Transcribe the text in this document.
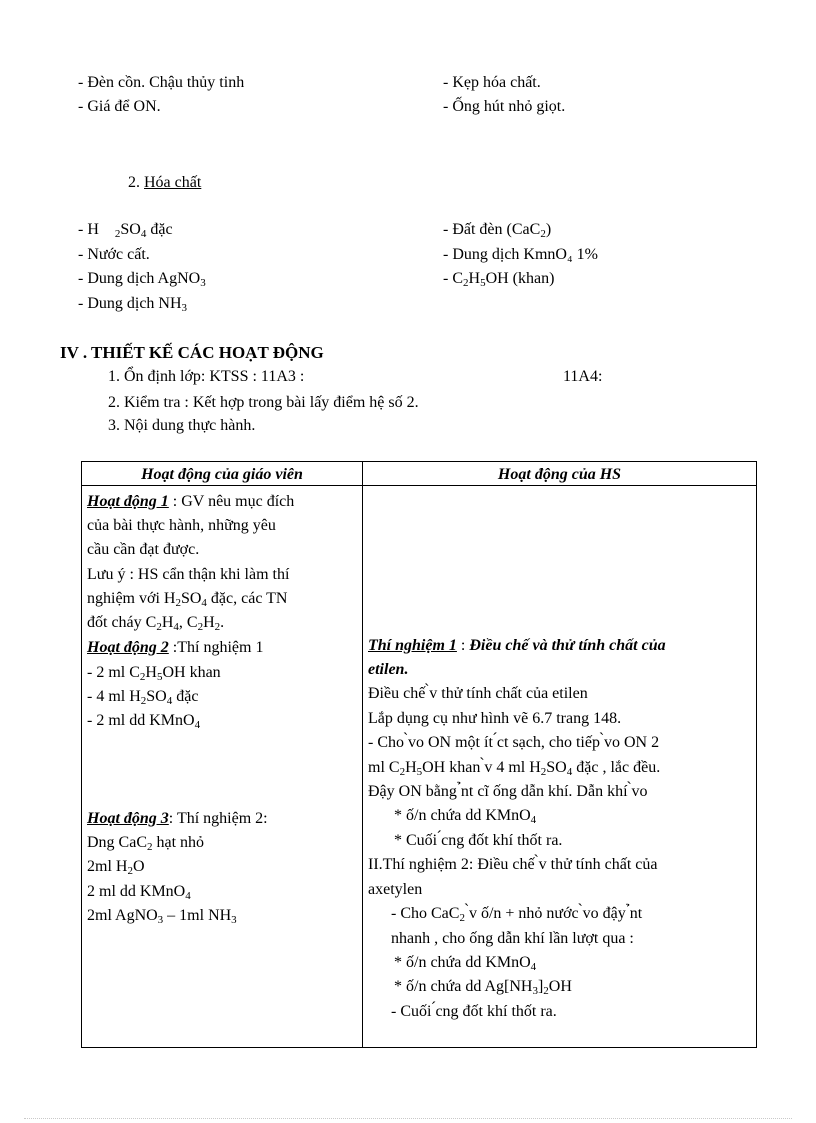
- Đèn cồn. Chậu thủy tinh
- Giá để ON.
- Kẹp hóa chất.
- Ống hút nhỏ giọt.
2. Hóa chất
- H $_2SO_4$ đặc
- Nước cất.
- Dung dịch AgNO$_3$
- Dung dịch $NH_3$
- Đất đèn (CaC$_2$)
- Dung dịch KmnO₄ 1%
- $C_2H_5OH$ (khan)
IV . THIẾT KẾ CÁC HOẠT ĐỘNG
1. Ổn định lớp: KTSS : 11A3 :	11A4:
2. Kiểm tra : Kết hợp trong bài lấy điểm hệ số 2.
3. Nội dung thực hành.
Hoạt động của giáo viên	Hoạt động của HS
Hoạt động 1 : GV nêu mục đích
của bài thực hành, những yêu
cầu cần đạt được.
Lưu ý : HS cẩn thận khi làm thí
nghiệm với $H_2SO_4$ đặc, các TN
đốt cháy $C_2H_4$, $C_2H_2$.
Hoạt động 2 :Thí nghiệm 1
- 2 ml $C_2H_5OH$ khan
- 4 ml $H_2SO_4$ đặc
- 2 ml dd KMnO$_4$
Hoạt động 3: Thí nghiệm 2:
Dng CaC$_2$ hạt nhỏ
2ml $H_2O$
2 ml dd KMnO$_4$
2ml AgNO$_3$ – 1ml $NH_3$
Thí nghiệm 1 : Điều chế và thử tính chất của
etilen.
Điều chế ̀v thử tính chất của etilen
Lắp dụng cụ như hình vẽ 6.7 trang 148.
- Cho ̀vo ON một ít ́ct sạch, cho tiếp ̀vo ON 2
ml $C_2H_5OH$ khan ̀v 4 ml $H_2SO_4$ đặc , lắc đều.
Đậy ON bằng ̉nt cĩ ống dẫn khí. Dẫn khí ̀vo
* ố/n chứa dd KMnO$_4$
* Cuối ́cng đốt khí thốt ra.
II.Thí nghiệm 2: Điều chế ̀v thử tính chất của
axetylen
- Cho CaC$_2$ ̀v ố/n + nhỏ nước ̀vo đậy ̉nt
nhanh , cho ống dẫn khí lần lượt qua :
* ố/n chứa dd KMnO$_4$
* ố/n chứa dd $Ag[NH_3]_2OH$
- Cuối ́cng đốt khí thốt ra.
